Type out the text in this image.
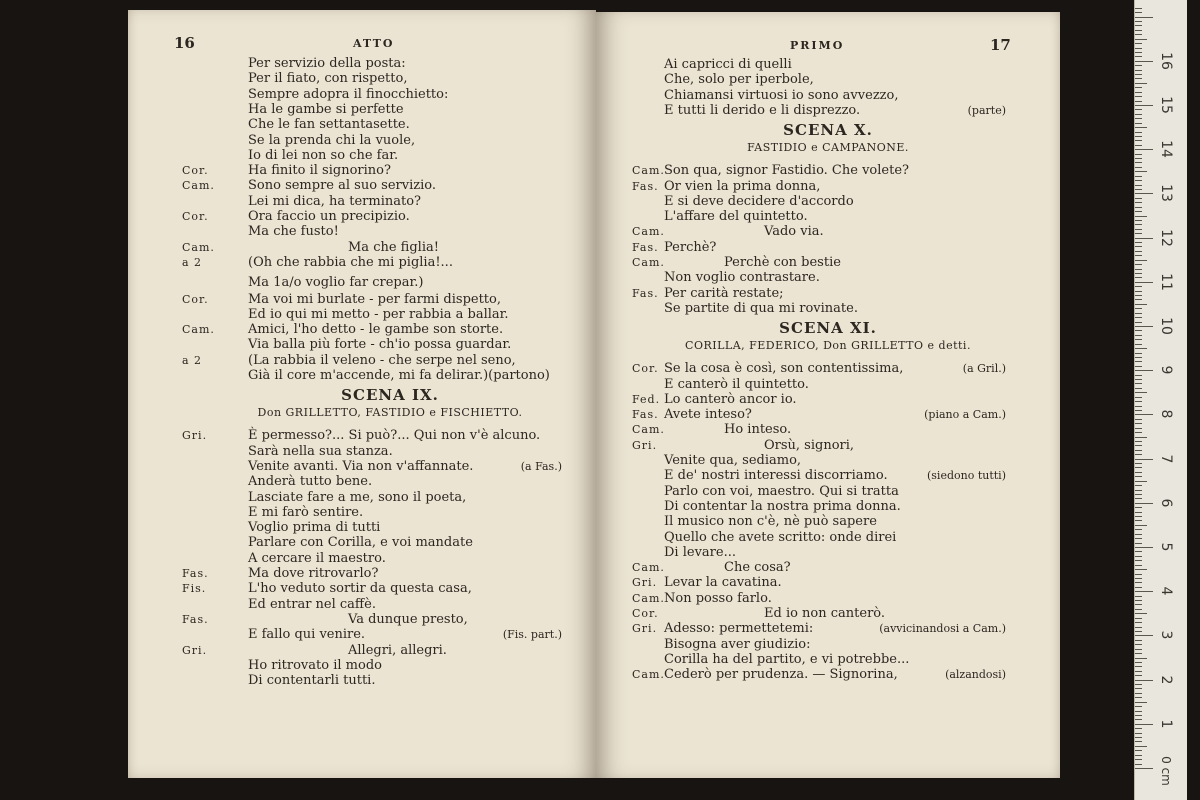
16	ATTO
Per servizio della posta:
Per il fiato, con rispetto,
Sempre adopra il finocchietto:
Ha le gambe si perfette
Che le fan settantasette.
Se la prenda chi la vuole,
Io di lei non so che far.
Cor.	Ha finito il signorino?
Cam.	Sono sempre al suo servizio.
Lei mi dica, ha terminato?
Cor.	Ora faccio un precipizio.
Ma che fusto!
Cam.	Ma che figlia!
a 2	(Oh che rabbia che mi piglia!...
Ma 1a/o voglio far crepar.)
Cor.	Ma voi mi burlate - per farmi dispetto,
Ed io qui mi metto - per rabbia a ballar.
Cam.	Amici, l'ho detto - le gambe son storte.
Via balla più forte - ch'io possa guardar.
a 2	(La rabbia il veleno - che serpe nel seno,
Già il core m'accende, mi fa delirar.)(partono)
SCENA IX.
Don GRILLETTO, FASTIDIO e FISCHIETTO.
Gri.	È permesso?... Si può?... Qui non v'è alcuno.
Sarà nella sua stanza.
Venite avanti. Via non v'affannate.	(a Fas.)
Anderà tutto bene.
Lasciate fare a me, sono il poeta,
E mi farò sentire.
Voglio prima di tutti
Parlare con Corilla, e voi mandate
A cercare il maestro.
Fas.	Ma dove ritrovarlo?
Fis.	L'ho veduto sortir da questa casa,
Ed entrar nel caffè.
Fas.	Va dunque presto,
E fallo qui venire.	(Fis. part.)
Gri.	Allegri, allegri.
Ho ritrovato il modo
Di contentarli tutti.
17
PRIMO
Ai capricci di quelli
Che, solo per iperbole,
Chiamansi virtuosi io sono avvezzo,
E tutti li derido e li disprezzo.	(parte)
SCENA X.
FASTIDIO e CAMPANONE.
Cam. Son qua, signor Fastidio. Che volete?
Fas. Or vien la prima donna,
E si deve decidere d'accordo
L'affare del quintetto.
Cam.	Vado via.
Fas. Perchè?
Cam.	Perchè con bestie
Non voglio contrastare.
Fas. Per carità restate;
Se partite di qua mi rovinate.
SCENA XI.
CORILLA, FEDERICO, Don GRILLETTO e detti.
Cor. Se la cosa è così, son contentissima,	(a Gril.)
E canterò il quintetto.
Fed. Lo canterò ancor io.
Fas. Avete inteso?	(piano a Cam.)
Cam.	Ho inteso.
Gri.	Orsù, signori,
Venite qua, sediamo,
E de' nostri interessi discorriamo.	(siedono tutti)
Parlo con voi, maestro. Qui si tratta
Di contentar la nostra prima donna.
Il musico non c'è, nè può sapere
Quello che avete scritto: onde direi
Di levare...
Cam.	Che cosa?
Gri. Levar la cavatina.
Cam. Non posso farlo.
Cor.	Ed io non canterò.
Gri. Adesso: permettetemi:	(avvicinandosi a Cam.)
Bisogna aver giudizio:
Corilla ha del partito, e vi potrebbe...
Cam. Cederò per prudenza. — Signorina,	(alzandosi)
1
2
3
4
5
6
7
8
9
10
11
12
13
14
15
16
0 cm
